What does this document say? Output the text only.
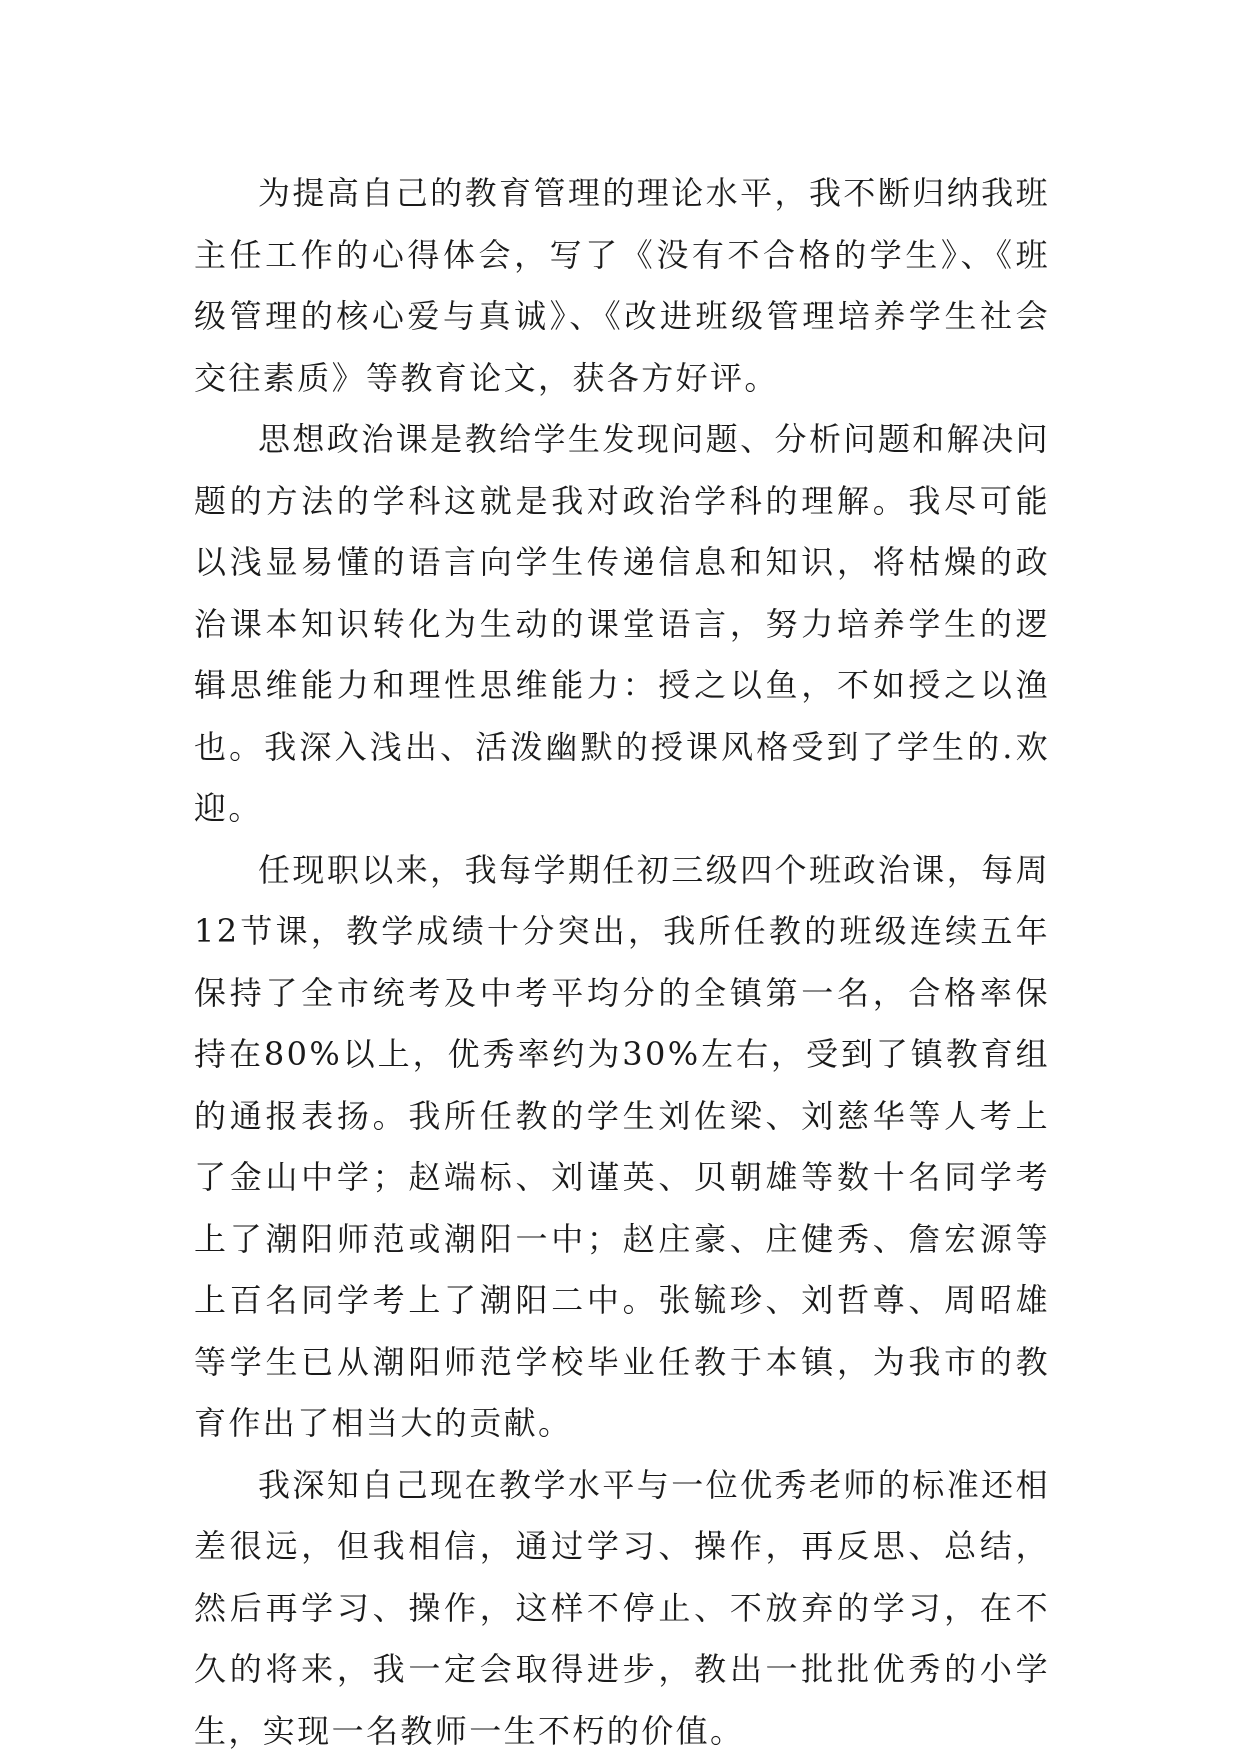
为提高自己的教育管理的理论水平，我不断归纳我班主任工作的心得体会，写了《没有不合格的学生》、《班级管理的核心爱与真诚》、《改进班级管理培养学生社会交往素质》等教育论文，获各方好评。

思想政治课是教给学生发现问题、分析问题和解决问题的方法的学科这就是我对政治学科的理解。我尽可能以浅显易懂的语言向学生传递信息和知识，将枯燥的政治课本知识转化为生动的课堂语言，努力培养学生的逻辑思维能力和理性思维能力：授之以鱼，不如授之以渔也。我深入浅出、活泼幽默的授课风格受到了学生的.欢迎。

任现职以来，我每学期任初三级四个班政治课，每周12节课，教学成绩十分突出，我所任教的班级连续五年保持了全市统考及中考平均分的全镇第一名，合格率保持在80%以上，优秀率约为30%左右，受到了镇教育组的通报表扬。我所任教的学生刘佐梁、刘慈华等人考上了金山中学；赵端标、刘谨英、贝朝雄等数十名同学考上了潮阳师范或潮阳一中；赵庄豪、庄健秀、詹宏源等上百名同学考上了潮阳二中。张毓珍、刘哲尊、周昭雄等学生已从潮阳师范学校毕业任教于本镇，为我市的教育作出了相当大的贡献。

我深知自己现在教学水平与一位优秀老师的标准还相差很远，但我相信，通过学习、操作，再反思、总结，然后再学习、操作，这样不停止、不放弃的学习，在不久的将来，我一定会取得进步，教出一批批优秀的小学生，实现一名教师一生不朽的价值。
